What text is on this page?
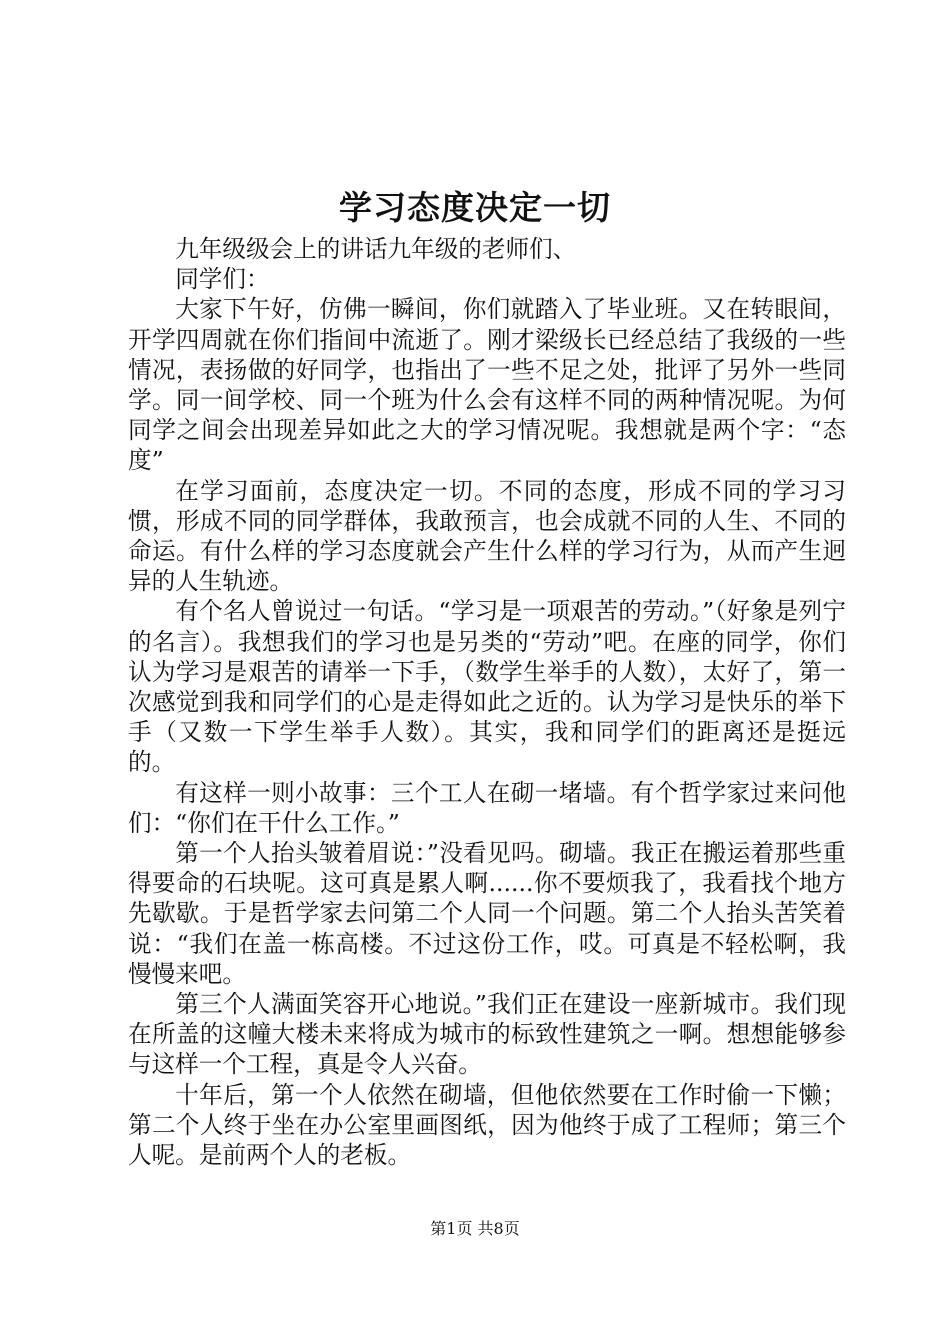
学习态度决定一切

九年级级会上的讲话九年级的老师们、

同学们：

大家下午好，仿佛一瞬间，你们就踏入了毕业班。又在转眼间，开学四周就在你们指间中流逝了。刚才梁级长已经总结了我级的一些情况，表扬做的好同学，也指出了一些不足之处，批评了另外一些同学。同一间学校、同一个班为什么会有这样不同的两种情况呢。为何同学之间会出现差异如此之大的学习情况呢。我想就是两个字：“态度”

在学习面前，态度决定一切。不同的态度，形成不同的学习习惯，形成不同的同学群体，我敢预言，也会成就不同的人生、不同的命运。有什么样的学习态度就会产生什么样的学习行为，从而产生迥异的人生轨迹。

有个名人曾说过一句话。“学习是一项艰苦的劳动。”（好象是列宁的名言）。我想我们的学习也是另类的“劳动”吧。在座的同学，你们认为学习是艰苦的请举一下手，（数学生举手的人数），太好了，第一次感觉到我和同学们的心是走得如此之近的。认为学习是快乐的举下手（又数一下学生举手人数）。其实，我和同学们的距离还是挺远的。

有这样一则小故事：三个工人在砌一堵墙。有个哲学家过来问他们：“你们在干什么工作。”

第一个人抬头皱着眉说：”没看见吗。砌墙。我正在搬运着那些重得要命的石块呢。这可真是累人啊......你不要烦我了，我看找个地方先歇歇。于是哲学家去问第二个人同一个问题。第二个人抬头苦笑着说：“我们在盖一栋高楼。不过这份工作，哎。可真是不轻松啊，我慢慢来吧。

第三个人满面笑容开心地说。”我们正在建设一座新城市。我们现在所盖的这幢大楼未来将成为城市的标致性建筑之一啊。想想能够参与这样一个工程，真是令人兴奋。

十年后，第一个人依然在砌墙，但他依然要在工作时偷一下懒；第二个人终于坐在办公室里画图纸，因为他终于成了工程师；第三个人呢。是前两个人的老板。

第1页 共8页
